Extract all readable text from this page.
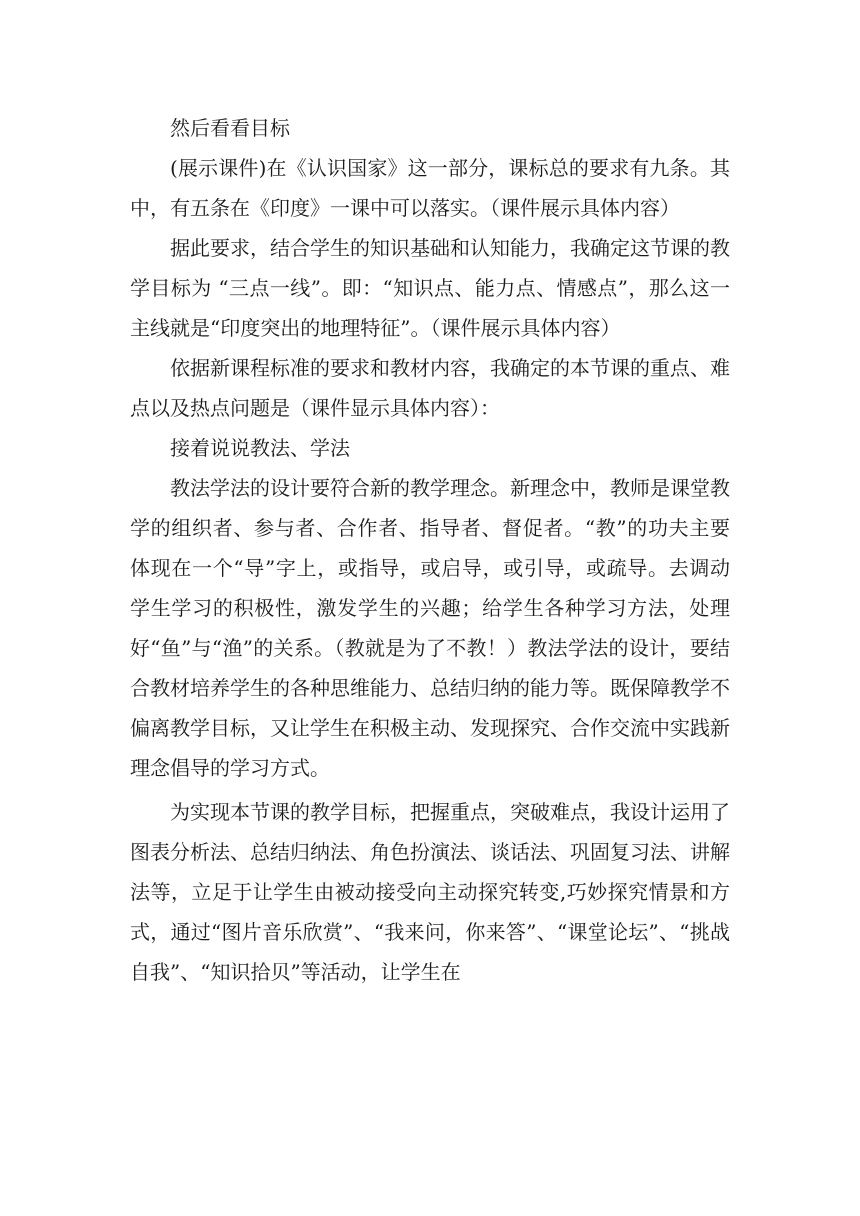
然后看看目标

(展示课件)在《认识国家》这一部分，课标总的要求有九条。其中，有五条在《印度》一课中可以落实。（课件展示具体内容）

据此要求，结合学生的知识基础和认知能力，我确定这节课的教学目标为 “三点一线”。即：“知识点、能力点、情感点”，那么这一主线就是“印度突出的地理特征”。（课件展示具体内容）

依据新课程标准的要求和教材内容，我确定的本节课的重点、难点以及热点问题是（课件显示具体内容）：

接着说说教法、学法

教法学法的设计要符合新的教学理念。新理念中，教师是课堂教学的组织者、参与者、合作者、指导者、督促者。“教”的功夫主要体现在一个“导”字上，或指导，或启导，或引导，或疏导。去调动学生学习的积极性，激发学生的兴趣；给学生各种学习方法，处理好“鱼”与“渔”的关系。（教就是为了不教！）教法学法的设计，要结合教材培养学生的各种思维能力、总结归纳的能力等。既保障教学不偏离教学目标，又让学生在积极主动、发现探究、合作交流中实践新理念倡导的学习方式。

为实现本节课的教学目标，把握重点，突破难点，我设计运用了图表分析法、总结归纳法、角色扮演法、谈话法、巩固复习法、讲解法等，立足于让学生由被动接受向主动探究转变,巧妙探究情景和方式，通过“图片音乐欣赏”、“我来问，你来答”、“课堂论坛”、“挑战自我”、“知识拾贝”等活动，让学生在
